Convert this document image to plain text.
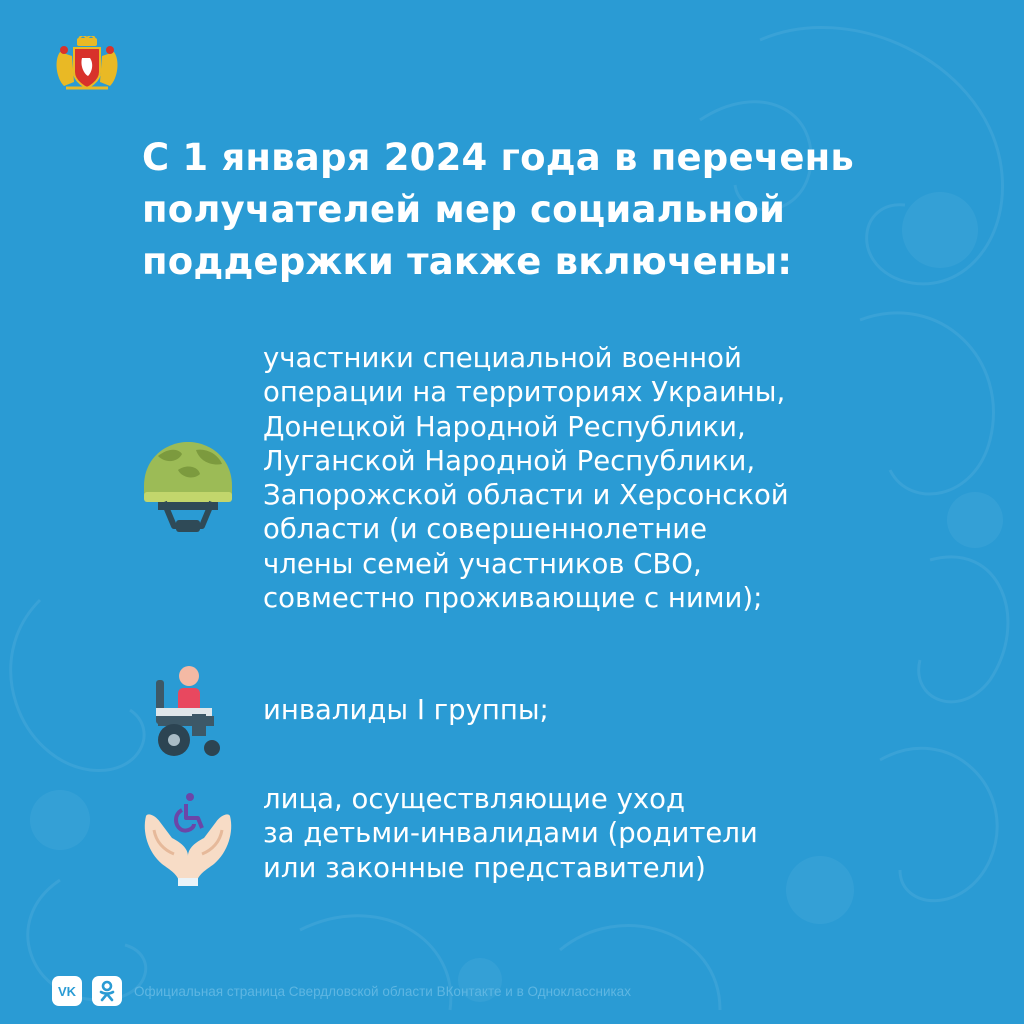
С 1 января 2024 года в перечень
получателей мер социальной
поддержки также включены:

участники специальной военной
операции на территориях Украины,
Донецкой Народной Республики,
Луганской Народной Республики,
Запорожской области и Херсонской
области (и совершеннолетние
члены семей участников СВО,
совместно проживающие с ними);

инвалиды I группы;

лица, осуществляющие уход
за детьми-инвалидами (родители
или законные представители)

VK	Официальная страница Свердловской области ВКонтакте и в Одноклассниках
